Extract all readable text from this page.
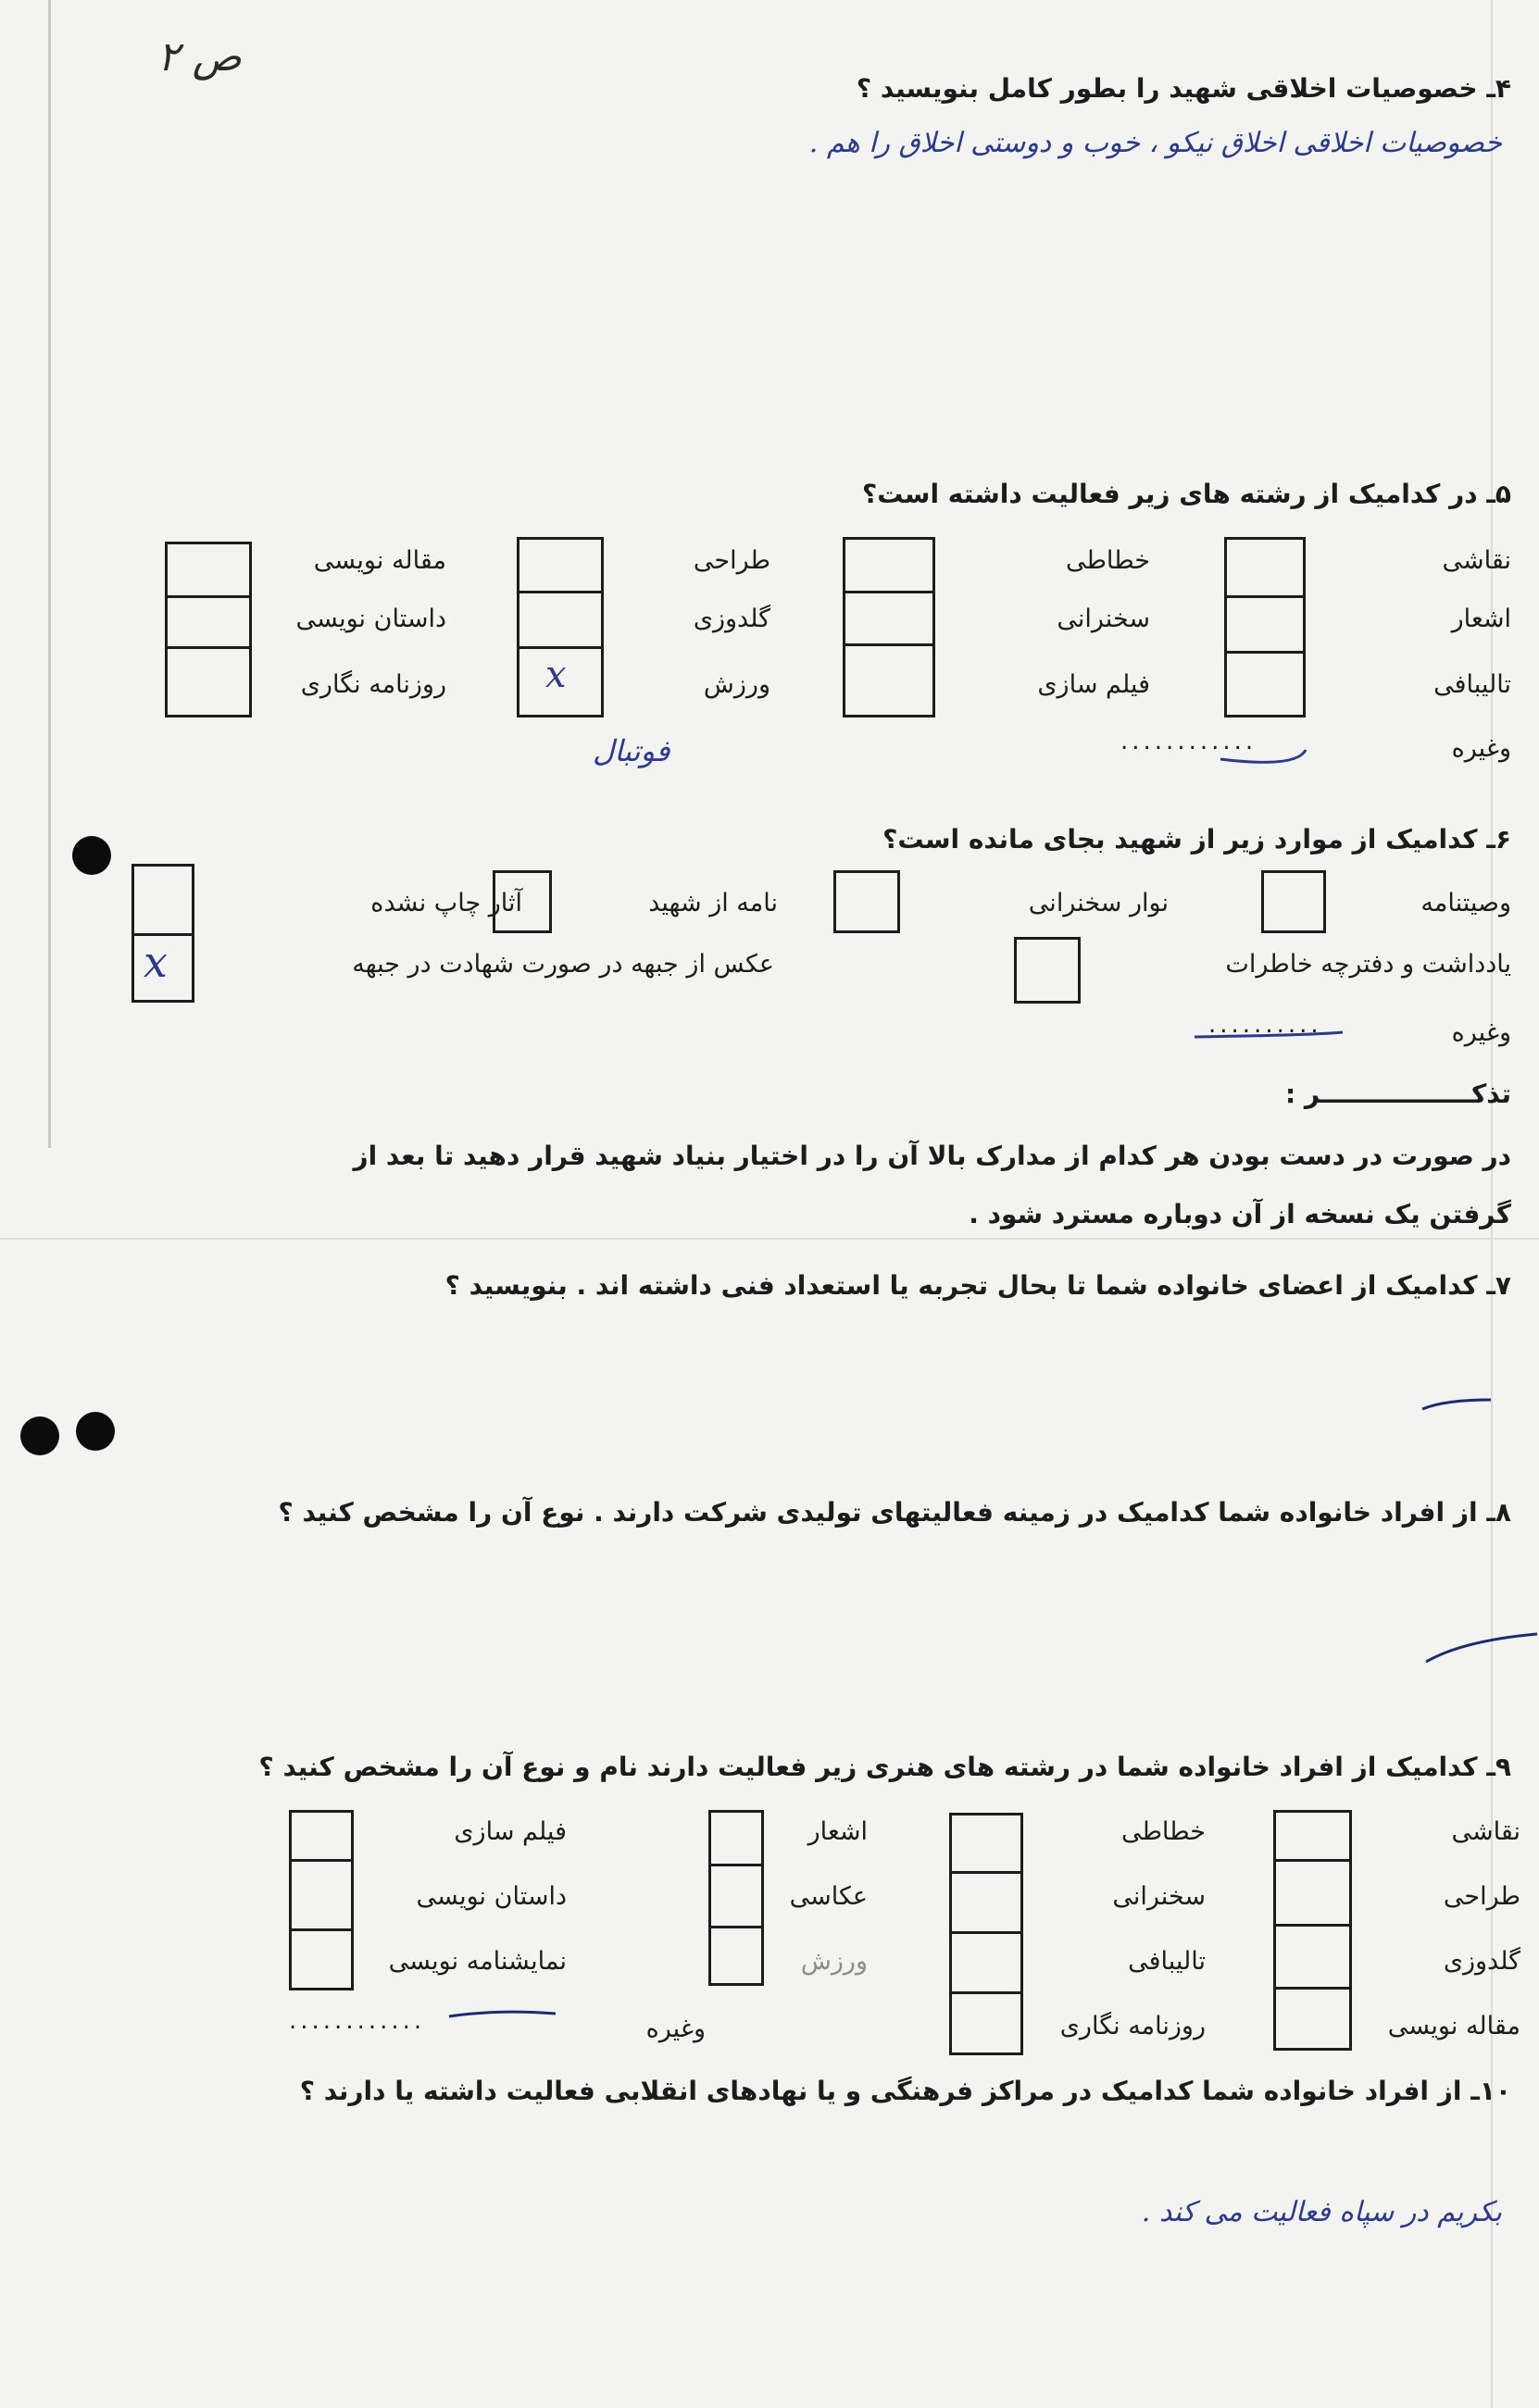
ص ۲
۴ـ خصوصیات اخلاقی شهید را بطور کامل بنویسید ؟
خصوصیات اخلاقی اخلاق نیکو ، خوب و دوستی اخلاق را هم .
۵ـ در کدامیک از رشته های زیر فعالیت داشته است؟
نقاشی
اشعار
تالیبافی
خطاطی
سخنرانی
فیلم سازی
طراحی
گلدوزی
ورزش
x
مقاله نویسی
داستان نویسی
روزنامه نگاری
وغیره
............
فوتبال
۶ـ کدامیک از موارد زیر از شهید بجای مانده است؟
وصیتنامه
نوار سخنرانی
نامه از شهید
آثار چاپ نشده
x	یادداشت و دفترچه خاطرات
عکس از جبهه در صورت شهادت در جبهه
وغیره
..........
تذکـــــــــــــــــر :
در صورت در دست بودن هر کدام از مدارک بالا آن را در اختیار بنیاد شهید قرار دهید تا بعد از
گرفتن یک نسخه از آن دوباره مسترد شود .
۷ـ کدامیک از اعضای خانواده شما تا بحال تجربه یا استعداد فنی داشته اند . بنویسید ؟
۸ـ از افراد خانواده شما کدامیک در زمینه فعالیتهای تولیدی شرکت دارند . نوع آن را مشخص کنید ؟
۹ـ کدامیک از افراد خانواده شما در رشته های هنری زیر فعالیت دارند نام و نوع آن را مشخص کنید ؟
نقاشی
طراحی
گلدوزی
مقاله نویسی
خطاطی
سخنرانی
تالیبافی
روزنامه نگاری
اشعار
عکاسی
ورزش
فیلم سازی
داستان نویسی
نمایشنامه نویسی
وغیره
............
۱۰ـ از افراد خانواده شما کدامیک در مراکز فرهنگی و یا نهادهای انقلابی فعالیت داشته یا دارند ؟
بکریم در سپاه فعالیت می کند .
